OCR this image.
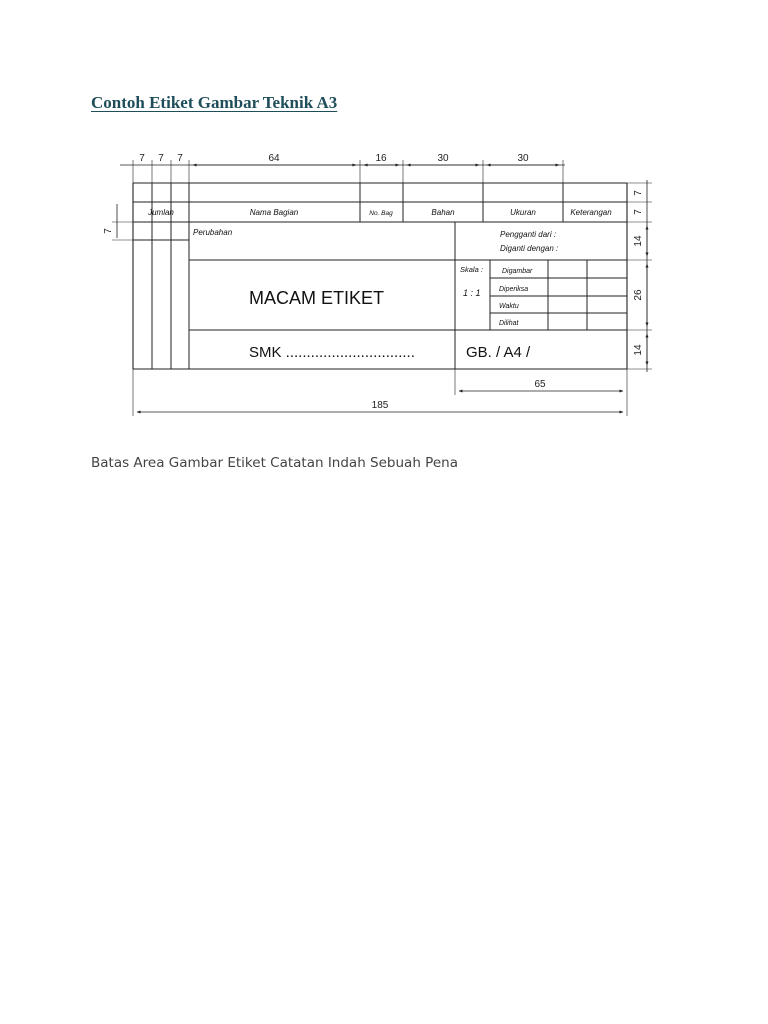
Contoh Etiket Gambar Teknik A3
7 7 7	64	16	30	30
7
7
14
26
14
7
65
185
Jumlah	Nama Bagian	No. Bag	Bahan	Ukuran	Keterangan
Perubahan	Pengganti dari :
Diganti dengan :
Skala :	Digambar
Diperiksa
Waktu
Dilihat
1 : 1
MACAM ETIKET
SMK ...............................	GB. / A4 /

Batas Area Gambar Etiket Catatan Indah Sebuah Pena
